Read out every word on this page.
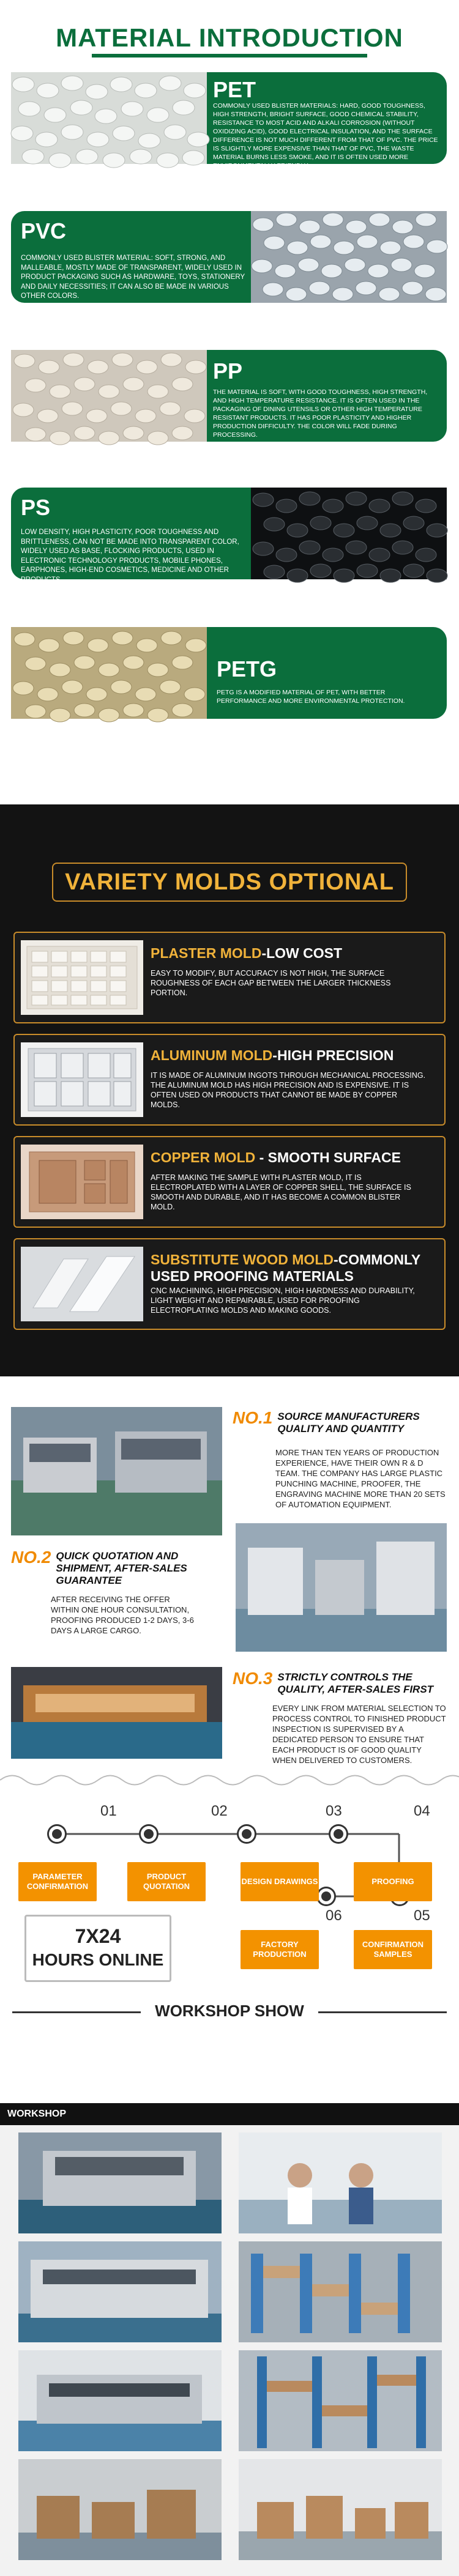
MATERIAL INTRODUCTION
PET
COMMONLY USED BLISTER MATERIALS: HARD, GOOD TOUGHNESS, HIGH STRENGTH, BRIGHT SURFACE, GOOD CHEMICAL STABILITY, RESISTANCE TO MOST ACID AND ALKALI CORROSION (WITHOUT OXIDIZING ACID), GOOD ELECTRICAL INSULATION, AND THE SURFACE DIFFERENCE IS NOT MUCH DIFFERENT FROM THAT OF PVC. THE PRICE IS SLIGHTLY MORE EXPENSIVE THAN THAT OF PVC, THE WASTE MATERIAL BURNS LESS SMOKE, AND IT IS OFTEN USED MORE ENVIRONMENTALLY FRIENDLY.
PVC
COMMONLY USED BLISTER MATERIAL: SOFT, STRONG, AND MALLEABLE, MOSTLY MADE OF TRANSPARENT, WIDELY USED IN PRODUCT PACKAGING SUCH AS HARDWARE, TOYS, STATIONERY AND DAILY NECESSITIES; IT CAN ALSO BE MADE IN VARIOUS OTHER COLORS.
PP
THE MATERIAL IS SOFT, WITH GOOD TOUGHNESS, HIGH STRENGTH, AND HIGH TEMPERATURE RESISTANCE. IT IS OFTEN USED IN THE PACKAGING OF DINING UTENSILS OR OTHER HIGH TEMPERATURE RESISTANT PRODUCTS. IT HAS POOR PLASTICITY AND HIGHER PRODUCTION DIFFICULTY. THE COLOR WILL FADE DURING PROCESSING.
PS
LOW DENSITY, HIGH PLASTICITY, POOR TOUGHNESS AND BRITTLENESS, CAN NOT BE MADE INTO TRANSPARENT COLOR, WIDELY USED AS BASE, FLOCKING PRODUCTS, USED IN ELECTRONIC TECHNOLOGY PRODUCTS, MOBILE PHONES, EARPHONES, HIGH-END COSMETICS, MEDICINE AND OTHER PRODUCTS.
PETG
PETG IS A MODIFIED MATERIAL OF PET, WITH BETTER PERFORMANCE AND MORE ENVIRONMENTAL PROTECTION.
VARIETY MOLDS OPTIONAL
PLASTER MOLD-LOW COST
EASY TO MODIFY, BUT ACCURACY IS NOT HIGH, THE SURFACE ROUGHNESS OF EACH GAP BETWEEN THE LARGER THICKNESS PORTION.
ALUMINUM MOLD-HIGH PRECISION
IT IS MADE OF ALUMINUM INGOTS THROUGH MECHANICAL PROCESSING. THE ALUMINUM MOLD HAS HIGH PRECISION AND IS EXPENSIVE. IT IS OFTEN USED ON PRODUCTS THAT CANNOT BE MADE BY COPPER MOLDS.
COPPER MOLD - SMOOTH SURFACE
AFTER MAKING THE SAMPLE WITH PLASTER MOLD, IT IS ELECTROPLATED WITH A LAYER OF COPPER SHELL, THE SURFACE IS SMOOTH AND DURABLE, AND IT HAS BECOME A COMMON BLISTER MOLD.
SUBSTITUTE WOOD MOLD-COMMONLY USED PROOFING MATERIALS
CNC MACHINING, HIGH PRECISION, HIGH HARDNESS AND DURABILITY, LIGHT WEIGHT AND REPAIRABLE, USED FOR PROOFING ELECTROPLATING MOLDS AND MAKING GOODS.
NO.1 SOURCE MANUFACTURERS QUALITY AND QUANTITY
MORE THAN TEN YEARS OF PRODUCTION EXPERIENCE, HAVE THEIR OWN R & D TEAM. THE COMPANY HAS LARGE PLASTIC PUNCHING MACHINE, PROOFER, THE ENGRAVING MACHINE MORE THAN 20 SETS OF AUTOMATION EQUIPMENT.
NO.2 QUICK QUOTATION AND SHIPMENT, AFTER-SALES GUARANTEE
AFTER RECEIVING THE OFFER WITHIN ONE HOUR CONSULTATION, PROOFING PRODUCED 1-2 DAYS, 3-6 DAYS A LARGE CARGO.
NO.3 STRICTLY CONTROLS THE QUALITY, AFTER-SALES FIRST
EVERY LINK FROM MATERIAL SELECTION TO PROCESS CONTROL TO FINISHED PRODUCT INSPECTION IS SUPERVISED BY A DEDICATED PERSON TO ENSURE THAT EACH PRODUCT IS OF GOOD QUALITY WHEN DELIVERED TO CUSTOMERS.
01	02	03	04
05
06
PARAMETER CONFIRMATION
PRODUCT QUOTATION
DESIGN DRAWINGS	PROOFING
CONFIRMATION SAMPLES
FACTORY PRODUCTION
7X24
HOURS ONLINE
WORKSHOP SHOW
WORKSHOP
